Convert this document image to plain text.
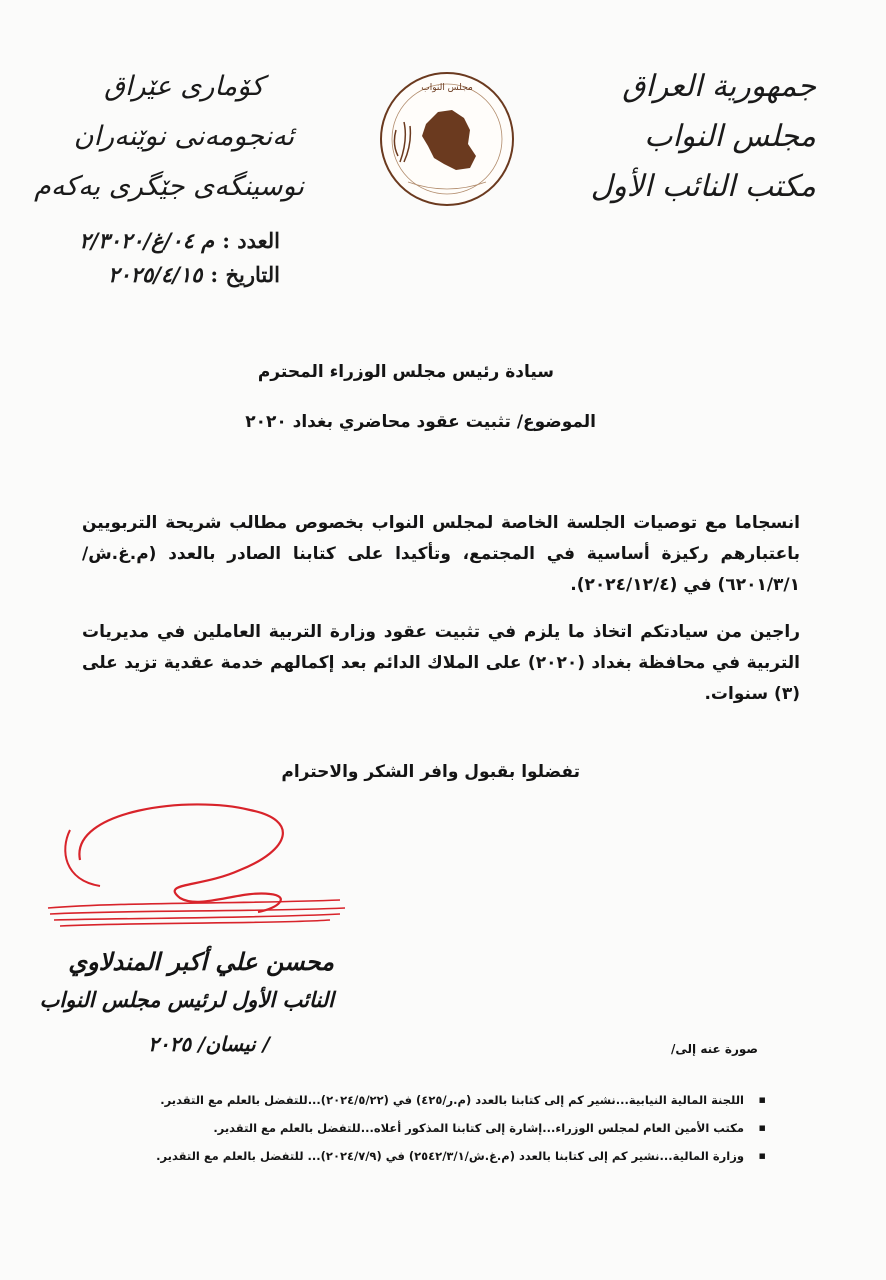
جمهورية العراق
مجلس النواب
مكتب النائب الأول
مجلس النواب
كۆماری عێراق
ئەنجومەنی نوێنەران
نوسینگەی جێگری یەکەم
العدد :
م ٠٤/غ/٢/٣٠٢٠
التاريخ :
٢٠٢٥/٤/١٥
سيادة رئيس مجلس الوزراء المحترم
الموضوع/ تثبيت عقود محاضري بغداد ٢٠٢٠

انسجاما مع توصيات الجلسة الخاصة لمجلس النواب بخصوص مطالب شريحة التربويين باعتبارهم ركيزة أساسية في المجتمع، وتأكيدا على كتابنا الصادر بالعدد (م.غ.ش/٦٢٠١/٣/١) في (٢٠٢٤/١٢/٤).

راجين من سيادتكم اتخاذ ما يلزم في تثبيت عقود وزارة التربية العاملين في مديريات التربية في محافظة بغداد (٢٠٢٠) على الملاك الدائم بعد إكمالهم خدمة عقدية تزيد على (٣) سنوات.

تفضلوا بقبول وافر الشكر والاحترام
محسن علي أكبر المندلاوي
النائب الأول لرئيس مجلس النواب
/ نيسان/ ٢٠٢٥	صورة عنه إلى/
▪ اللجنة المالية النيابية...نشير كم إلى كتابنا بالعدد (م.ر/٤٢٥) في (٢٠٢٤/٥/٢٢)...للتفضل بالعلم مع التقدير.
▪ مكتب الأمين العام لمجلس الوزراء...إشارة إلى كتابنا المذكور أعلاه...للتفضل بالعلم مع التقدير.
▪ وزارة المالية...نشير كم إلى كتابنا بالعدد (م.غ.ش/٢٥٤٢/٣/١) في (٢٠٢٤/٧/٩)... للتفضل بالعلم مع التقدير.
